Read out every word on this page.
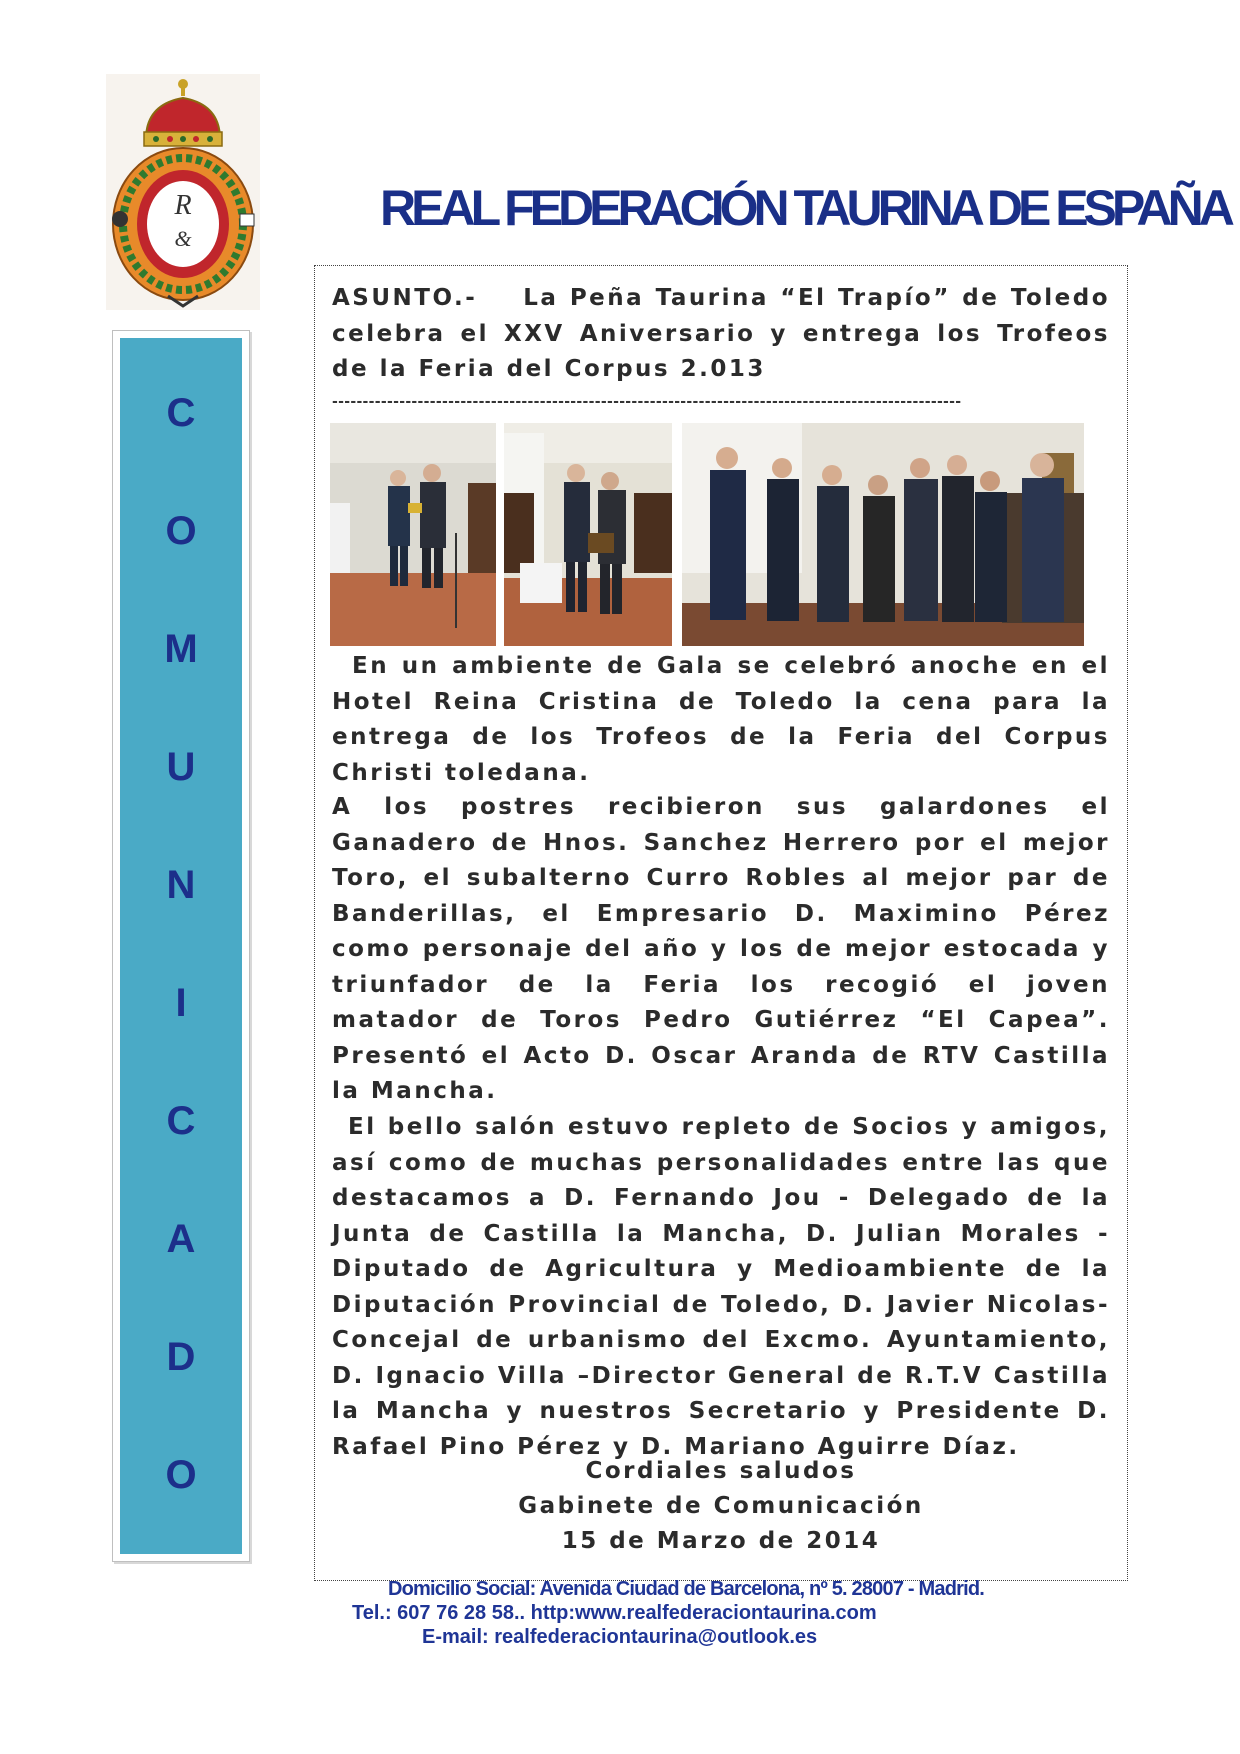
R
&
REAL FEDERACIÓN TAURINA DE ESPAÑA
C
O
M
U
N
I
C
A
D
O
ASUNTO.- La Peña Taurina “El Trapío” de Toledo celebra el XXV Aniversario y entrega los Trofeos de la Feria del Corpus 2.013
-------------------------------------------------------------------------------------------------------
En un ambiente de Gala se celebró anoche en el Hotel Reina Cristina de Toledo la cena para la entrega de los Trofeos de la Feria del Corpus Christi toledana.
A los postres recibieron sus galardones el Ganadero de Hnos. Sanchez Herrero por el mejor Toro, el subalterno Curro Robles al mejor par de Banderillas, el Empresario D. Maximino Pérez como personaje del año y los de mejor estocada y triunfador de la Feria los recogió el joven matador de Toros Pedro Gutiérrez “El Capea”. Presentó el Acto D. Oscar Aranda de RTV Castilla la Mancha.
El bello salón estuvo repleto de Socios y amigos, así como de muchas personalidades entre las que destacamos a D. Fernando Jou - Delegado de la Junta de Castilla la Mancha, D. Julian Morales - Diputado de Agricultura y Medioambiente de la Diputación Provincial de Toledo, D. Javier Nicolas- Concejal de urbanismo del Excmo. Ayuntamiento, D. Ignacio Villa –Director General de R.T.V Castilla la Mancha y nuestros Secretario y Presidente D. Rafael Pino Pérez y D. Mariano Aguirre Díaz.
Cordiales saludos
Gabinete de Comunicación
15 de Marzo de 2014
Domicilio Social: Avenida Ciudad de Barcelona, nº 5. 28007 - Madrid.
Tel.: 607 76 28 58.. http:www.realfederaciontaurina.com
E-mail: realfederaciontaurina@outlook.es
